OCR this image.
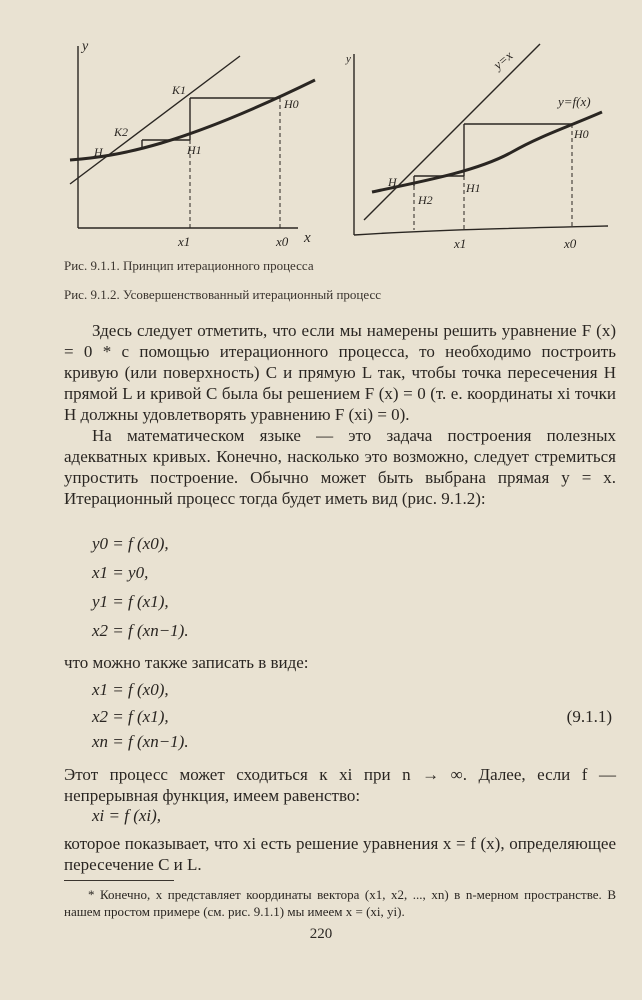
y
x
K1
K2
H
H0
H1
x1	x0
y	y=x
y=f(x)
H
H0
H1
H2
x1	x0
Рис. 9.1.1. Принцип итерационного процесса
Рис. 9.1.2. Усовершенствованный итерационный процесс

Здесь следует отметить, что если мы намерены решить уравнение F (x) = 0 * с помощью итерационного процесса, то необходимо построить кривую (или поверхность) C и прямую L так, чтобы точка пересечения H прямой L и кривой C была бы решением F (x) = 0 (т. е. координаты xi точки H должны удовлетворять уравнению F (xi) = 0).

На математическом языке — это задача построения полезных адекватных кривых. Конечно, насколько это возможно, следует стремиться упростить построение. Обычно может быть выбрана прямая y = x. Итерационный процесс тогда будет иметь вид (рис. 9.1.2):

y0 = f (x0),
x1 = y0,
y1 = f (x1),
x2 = f (xn−1).

что можно также записать в виде:

x1 = f (x0),
x2 = f (x1),	(9.1.1)
xn = f (xn−1).

Этот процесс может сходиться к xi при n → ∞. Далее, если f — непрерывная функция, имеем равенство:

xi = f (xi),

которое показывает, что xi есть решение уравнения x = f (x), определяющее пересечение C и L.

* Конечно, x представляет координаты вектора (x1, x2, ..., xn) в n-мерном пространстве. В нашем простом примере (см. рис. 9.1.1) мы имеем x = (xi, yi).

220
